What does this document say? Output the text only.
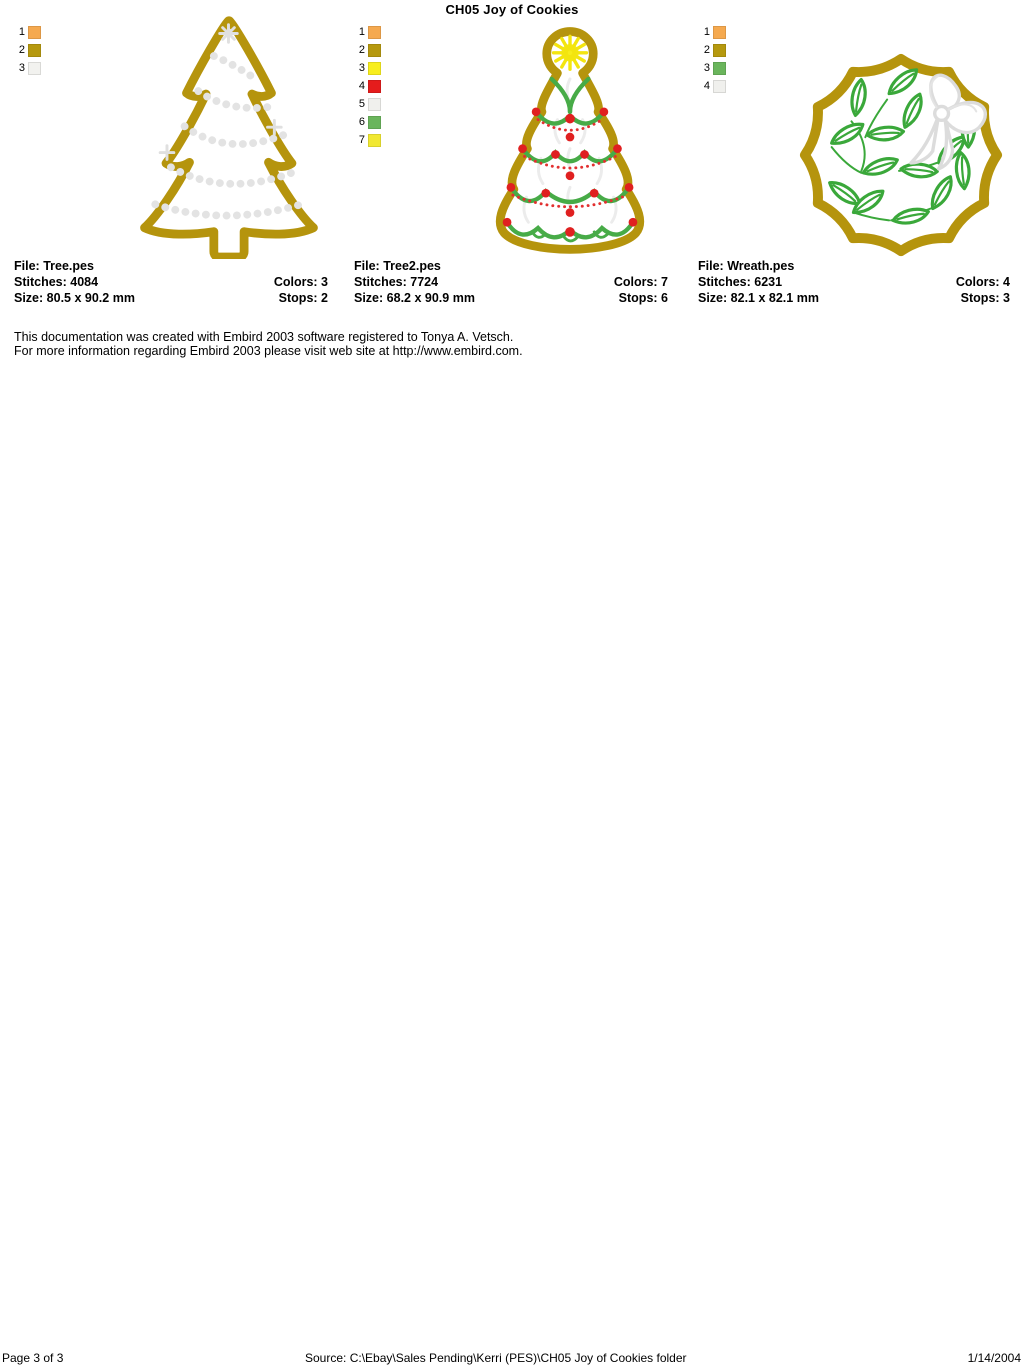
CH05 Joy of Cookies
1
2
3
File: Tree.pes
Stitches: 4084	Colors: 3
Size: 80.5 x 90.2 mm	Stops: 2
1
2
3
4
5
6
7
File: Tree2.pes
Stitches: 7724	Colors: 7
Size: 68.2 x 90.9 mm	Stops: 6
1
2
3
4
File: Wreath.pes
Stitches: 6231	Colors: 4
Size: 82.1 x 82.1 mm	Stops: 3
This documentation was created with Embird 2003 software registered to Tonya A. Vetsch.
For more information regarding Embird 2003 please visit web site at http://www.embird.com.
Page 3 of 3	Source: C:\Ebay\Sales Pending\Kerri (PES)\CH05 Joy of Cookies folder	1/14/2004
